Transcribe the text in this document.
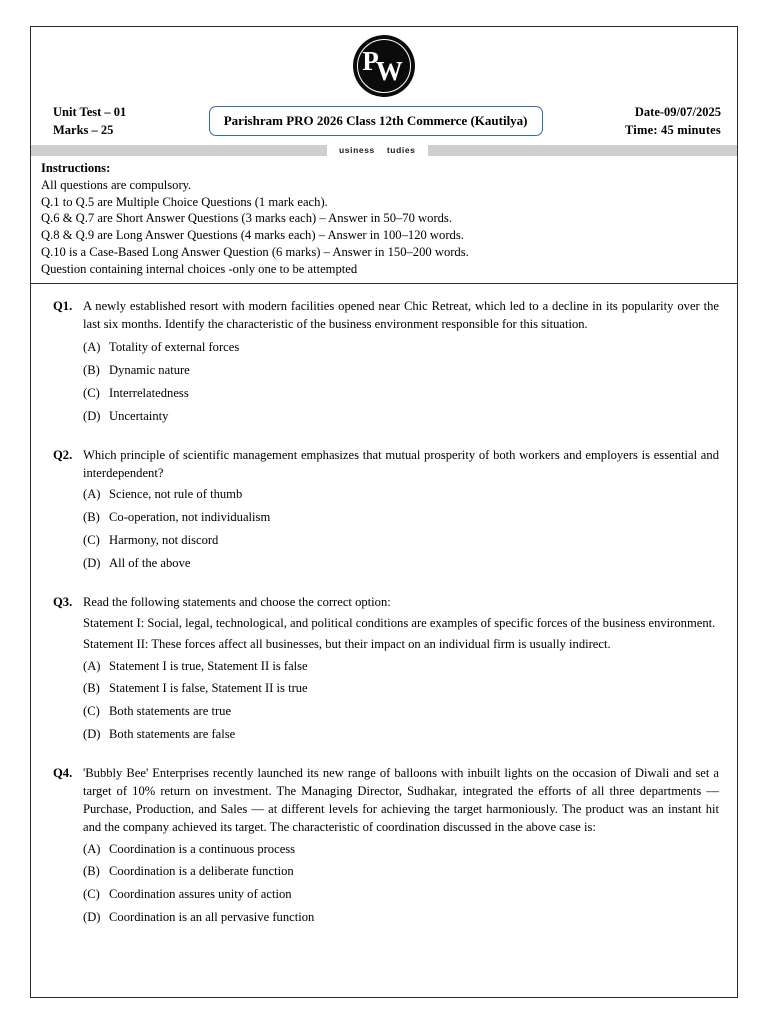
PW
Unit Test – 01
Marks – 25
Parishram PRO 2026 Class 12th Commerce (Kautilya)
Date-09/07/2025
Time: 45 minutes
usiness tudies
Instructions:
All questions are compulsory.
Q.1 to Q.5 are Multiple Choice Questions (1 mark each).
Q.6 & Q.7 are Short Answer Questions (3 marks each) – Answer in 50–70 words.
Q.8 & Q.9 are Long Answer Questions (4 marks each) – Answer in 100–120 words.
Q.10 is a Case-Based Long Answer Question (6 marks) – Answer in 150–200 words.
Question containing internal choices -only one to be attempted
Q1. A newly established resort with modern facilities opened near Chic Retreat, which led to a decline in its popularity over the last six months. Identify the characteristic of the business environment responsible for this situation.
(A) Totality of external forces
(B) Dynamic nature
(C) Interrelatedness
(D) Uncertainty
Q2. Which principle of scientific management emphasizes that mutual prosperity of both workers and employers is essential and interdependent?
(A) Science, not rule of thumb
(B) Co-operation, not individualism
(C) Harmony, not discord
(D) All of the above
Q3. Read the following statements and choose the correct option:
Statement I: Social, legal, technological, and political conditions are examples of specific forces of the business environment.
Statement II: These forces affect all businesses, but their impact on an individual firm is usually indirect.
(A) Statement I is true, Statement II is false
(B) Statement I is false, Statement II is true
(C) Both statements are true
(D) Both statements are false
Q4. 'Bubbly Bee' Enterprises recently launched its new range of balloons with inbuilt lights on the occasion of Diwali and set a target of 10% return on investment. The Managing Director, Sudhakar, integrated the efforts of all three departments — Purchase, Production, and Sales — at different levels for achieving the target harmoniously. The product was an instant hit and the company achieved its target. The characteristic of coordination discussed in the above case is:
(A) Coordination is a continuous process
(B) Coordination is a deliberate function
(C) Coordination assures unity of action
(D) Coordination is an all pervasive function
